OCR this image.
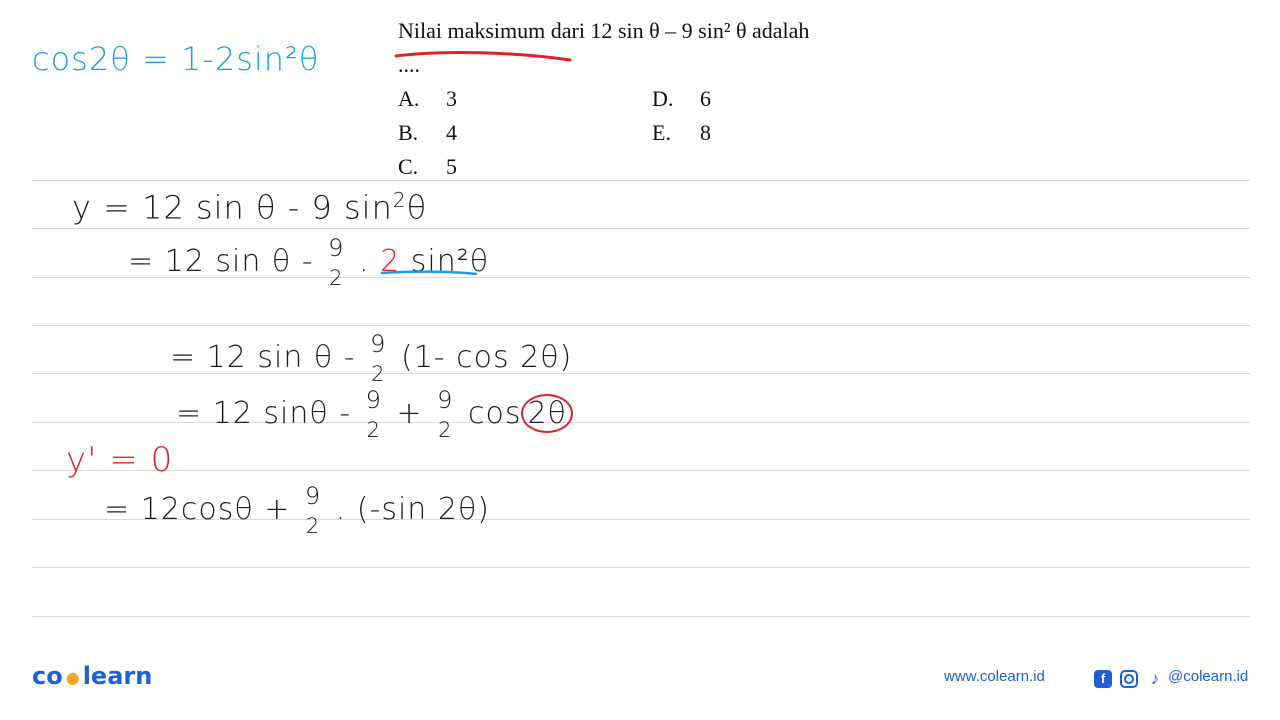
Nilai maksimum dari 12 sin θ – 9 sin² θ adalah
....
A. 3
B. 4
C. 5
D. 6
E. 8
cos2θ = 1-2sin²θ
y = 12 sin θ - 9 $\sin^2\theta$
= 12 sin θ - 9
2 . 2 sin²θ
= 12 sin θ - 9
2 (1- cos 2θ)
= 12 sinθ - 9
2 + 9
2 cos 2θ
y' = 0
= 12cosθ + 9
2 . (-sin 2θ)
co ● learn	www.colearn.id	f	♪ @colearn.id
